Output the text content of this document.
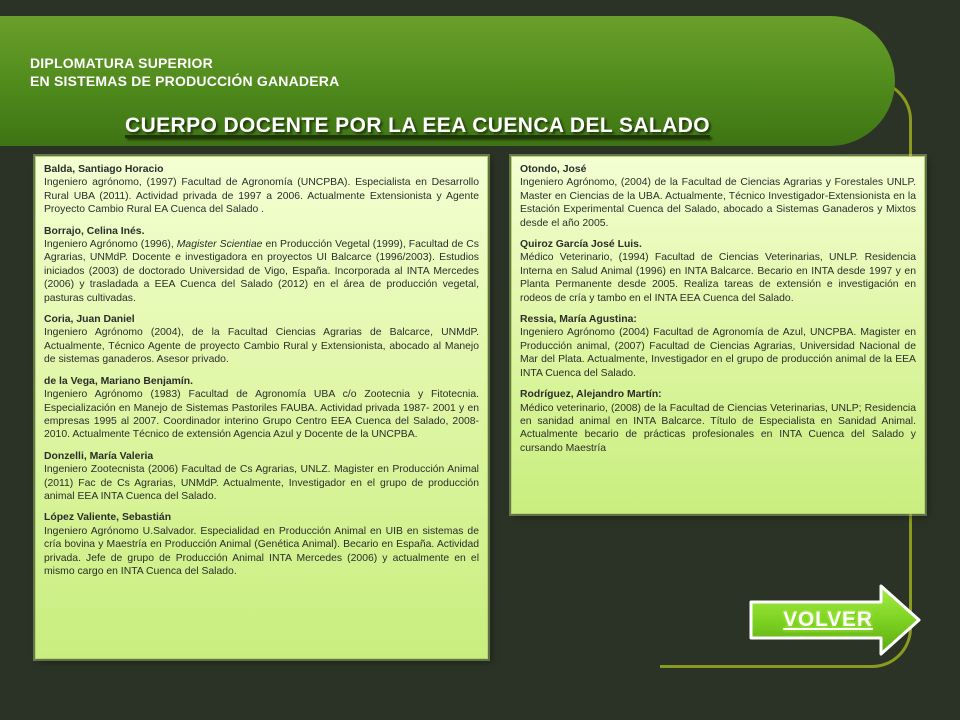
DIPLOMATURA SUPERIOR
EN SISTEMAS DE PRODUCCIÓN GANADERA
CUERPO DOCENTE POR LA EEA CUENCA DEL SALADO
Balda, Santiago Horacio
Ingeniero agrónomo, (1997) Facultad de Agronomía (UNCPBA). Especialista en Desarrollo Rural UBA (2011). Actividad privada de 1997 a 2006. Actualmente Extensionista y Agente Proyecto Cambio Rural EA Cuenca del Salado .
Borrajo, Celina Inés.
Ingeniero Agrónomo (1996), Magister Scientiae en Producción Vegetal (1999), Facultad de Cs Agrarias, UNMdP. Docente e investigadora en proyectos UI Balcarce (1996/2003). Estudios iniciados (2003) de doctorado Universidad de Vigo, España. Incorporada al INTA Mercedes (2006) y trasladada a EEA Cuenca del Salado (2012) en el área de producción vegetal, pasturas cultivadas.
Coria, Juan Daniel
Ingeniero Agrónomo (2004), de la Facultad Ciencias Agrarias de Balcarce, UNMdP. Actualmente, Técnico Agente de proyecto Cambio Rural y Extensionista, abocado al Manejo de sistemas ganaderos. Asesor privado.
de la Vega, Mariano Benjamín.
Ingeniero Agrónomo (1983) Facultad de Agronomía UBA c/o Zootecnia y Fitotecnia. Especialización en Manejo de Sistemas Pastoriles FAUBA. Actividad privada 1987- 2001 y en empresas 1995 al 2007. Coordinador interino Grupo Centro EEA Cuenca del Salado, 2008-2010. Actualmente Técnico de extensión Agencia Azul y Docente de la UNCPBA.
Donzelli, María Valeria
Ingeniero Zootecnista (2006) Facultad de Cs Agrarias, UNLZ. Magister en Producción Animal (2011) Fac de Cs Agrarias, UNMdP. Actualmente, Investigador en el grupo de producción animal EEA INTA Cuenca del Salado.
López Valiente, Sebastián
Ingeniero Agrónomo U.Salvador. Especialidad en Producción Animal en UIB en sistemas de cría bovina y Maestría en Producción Animal (Genética Animal). Becario en España. Actividad privada. Jefe de grupo de Producción Animal INTA Mercedes (2006) y actualmente en el mismo cargo en INTA Cuenca del Salado.
Otondo, José
Ingeniero Agrónomo, (2004) de la Facultad de Ciencias Agrarias y Forestales UNLP. Master en Ciencias de la UBA. Actualmente, Técnico Investigador-Extensionista en la Estación Experimental Cuenca del Salado, abocado a Sistemas Ganaderos y Mixtos desde el año 2005.
Quiroz García José Luis.
Médico Veterinario, (1994) Facultad de Ciencias Veterinarias, UNLP. Residencia Interna en Salud Animal (1996) en INTA Balcarce. Becario en INTA desde 1997 y en Planta Permanente desde 2005. Realiza tareas de extensión e investigación en rodeos de cría y tambo en el INTA EEA Cuenca del Salado.
Ressia, María Agustina:
Ingeniero Agrónomo (2004) Facultad de Agronomía de Azul, UNCPBA. Magister en Producción animal, (2007) Facultad de Ciencias Agrarias, Universidad Nacional de Mar del Plata. Actualmente, Investigador en el grupo de producción animal de la EEA INTA Cuenca del Salado.
Rodríguez, Alejandro Martín:
Médico veterinario, (2008) de la Facultad de Ciencias Veterinarias, UNLP; Residencia en sanidad animal en INTA Balcarce. Título de Especialista en Sanidad Animal. Actualmente becario de prácticas profesionales en INTA Cuenca del Salado y cursando Maestría
VOLVER
